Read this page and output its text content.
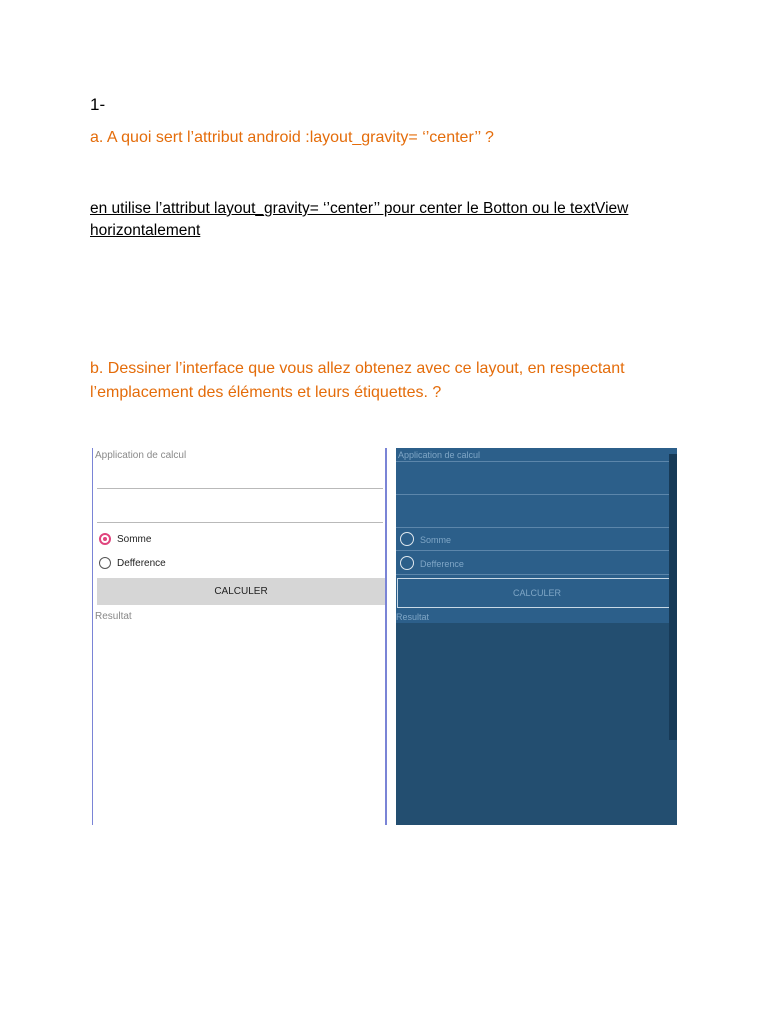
1-
a. A quoi sert l’attribut android :layout_gravity= ‘’center’’ ?
en utilise l’attribut layout_gravity= ‘’center’’ pour center le Botton ou le textView horizontalement
b. Dessiner l’interface que vous allez obtenez avec ce layout, en respectant l’emplacement des éléments et leurs étiquettes. ?
Application de calcul
Somme
Defference
CALCULER
Resultat
Application de calcul
Somme
Defference
CALCULER
Resultat
